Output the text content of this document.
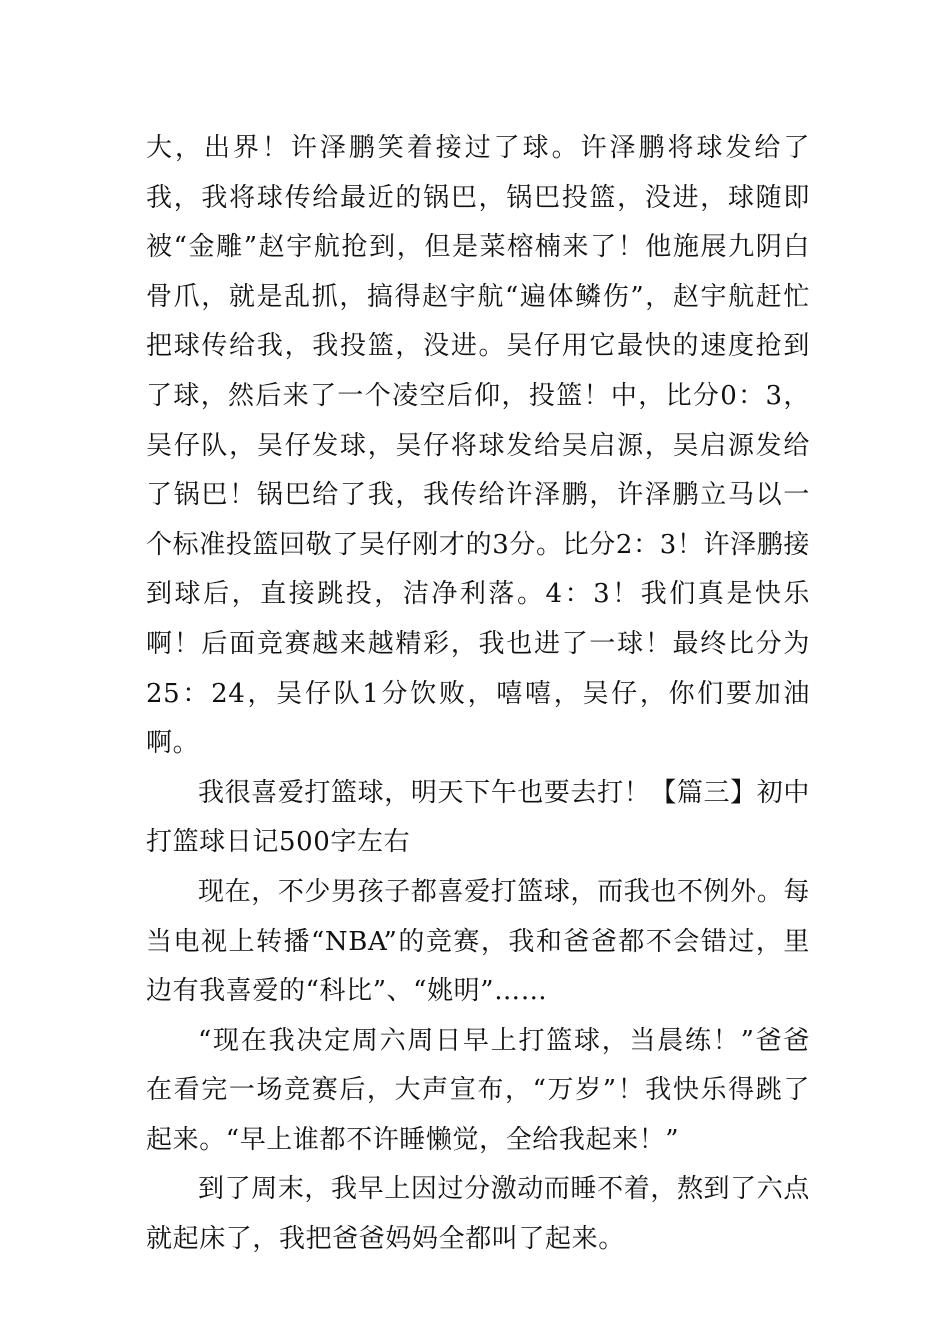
大，出界！许泽鹏笑着接过了球。许泽鹏将球发给了我，我将球传给最近的锅巴，锅巴投篮，没进，球随即被“金雕”赵宇航抢到，但是菜榕楠来了！他施展九阴白骨爪，就是乱抓，搞得赵宇航“遍体鳞伤”，赵宇航赶忙把球传给我，我投篮，没进。吴仔用它最快的速度抢到了球，然后来了一个凌空后仰，投篮！中，比分0：3，吴仔队，吴仔发球，吴仔将球发给吴启源，吴启源发给了锅巴！锅巴给了我，我传给许泽鹏，许泽鹏立马以一个标准投篮回敬了吴仔刚才的3分。比分2：3！许泽鹏接到球后，直接跳投，洁净利落。4：3！我们真是快乐啊！后面竞赛越来越精彩，我也进了一球！最终比分为25：24，吴仔队1分饮败，嘻嘻，吴仔，你们要加油啊。

我很喜爱打篮球，明天下午也要去打！【篇三】初中打篮球日记500字左右

现在，不少男孩子都喜爱打篮球，而我也不例外。每当电视上转播“NBA”的竞赛，我和爸爸都不会错过，里边有我喜爱的“科比”、“姚明”……

“现在我决定周六周日早上打篮球，当晨练！”爸爸在看完一场竞赛后，大声宣布，“万岁”！我快乐得跳了起来。“早上谁都不许睡懒觉，全给我起来！”

到了周末，我早上因过分激动而睡不着，熬到了六点就起床了，我把爸爸妈妈全都叫了起来。
